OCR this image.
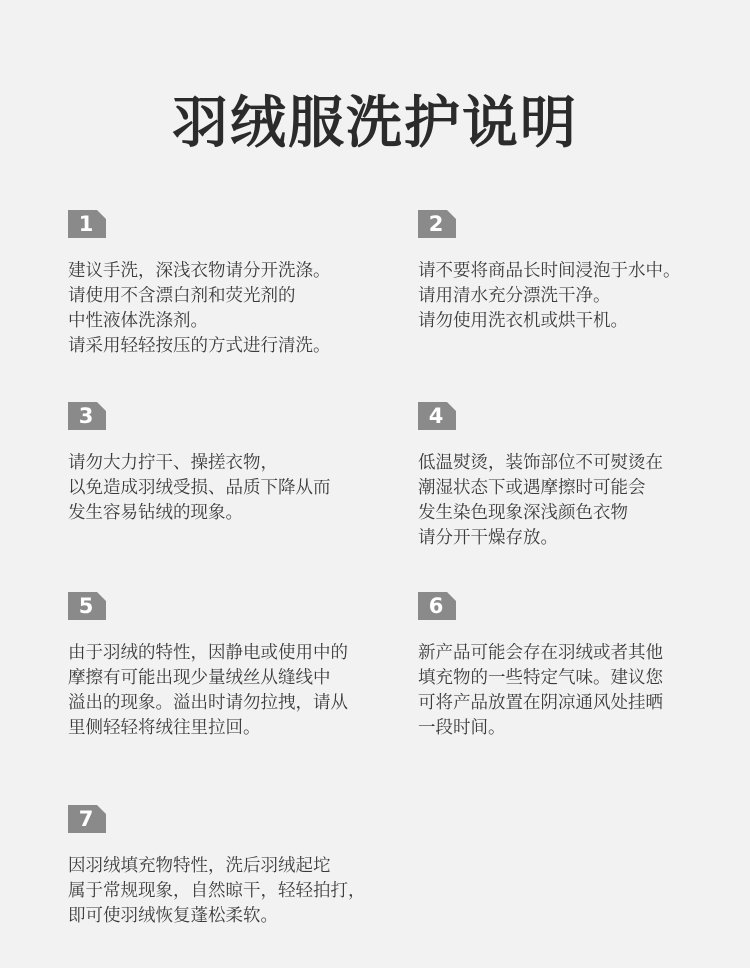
羽绒服洗护说明
1
建议手洗，深浅衣物请分开洗涤。
请使用不含漂白剂和荧光剂的
中性液体洗涤剂。
请采用轻轻按压的方式进行清洗。
2
请不要将商品长时间浸泡于水中。
请用清水充分漂洗干净。
请勿使用洗衣机或烘干机。
3
请勿大力拧干、操搓衣物，
以免造成羽绒受损、品质下降从而
发生容易钻绒的现象。
4
低温熨烫，装饰部位不可熨烫在
潮湿状态下或遇摩擦时可能会
发生染色现象深浅颜色衣物
请分开干燥存放。
5
由于羽绒的特性，因静电或使用中的
摩擦有可能出现少量绒丝从缝线中
溢出的现象。溢出时请勿拉拽，请从
里侧轻轻将绒往里拉回。
6
新产品可能会存在羽绒或者其他
填充物的一些特定气味。建议您
可将产品放置在阴凉通风处挂晒
一段时间。
7
因羽绒填充物特性，洗后羽绒起坨
属于常规现象，自然晾干，轻轻拍打，
即可使羽绒恢复蓬松柔软。
